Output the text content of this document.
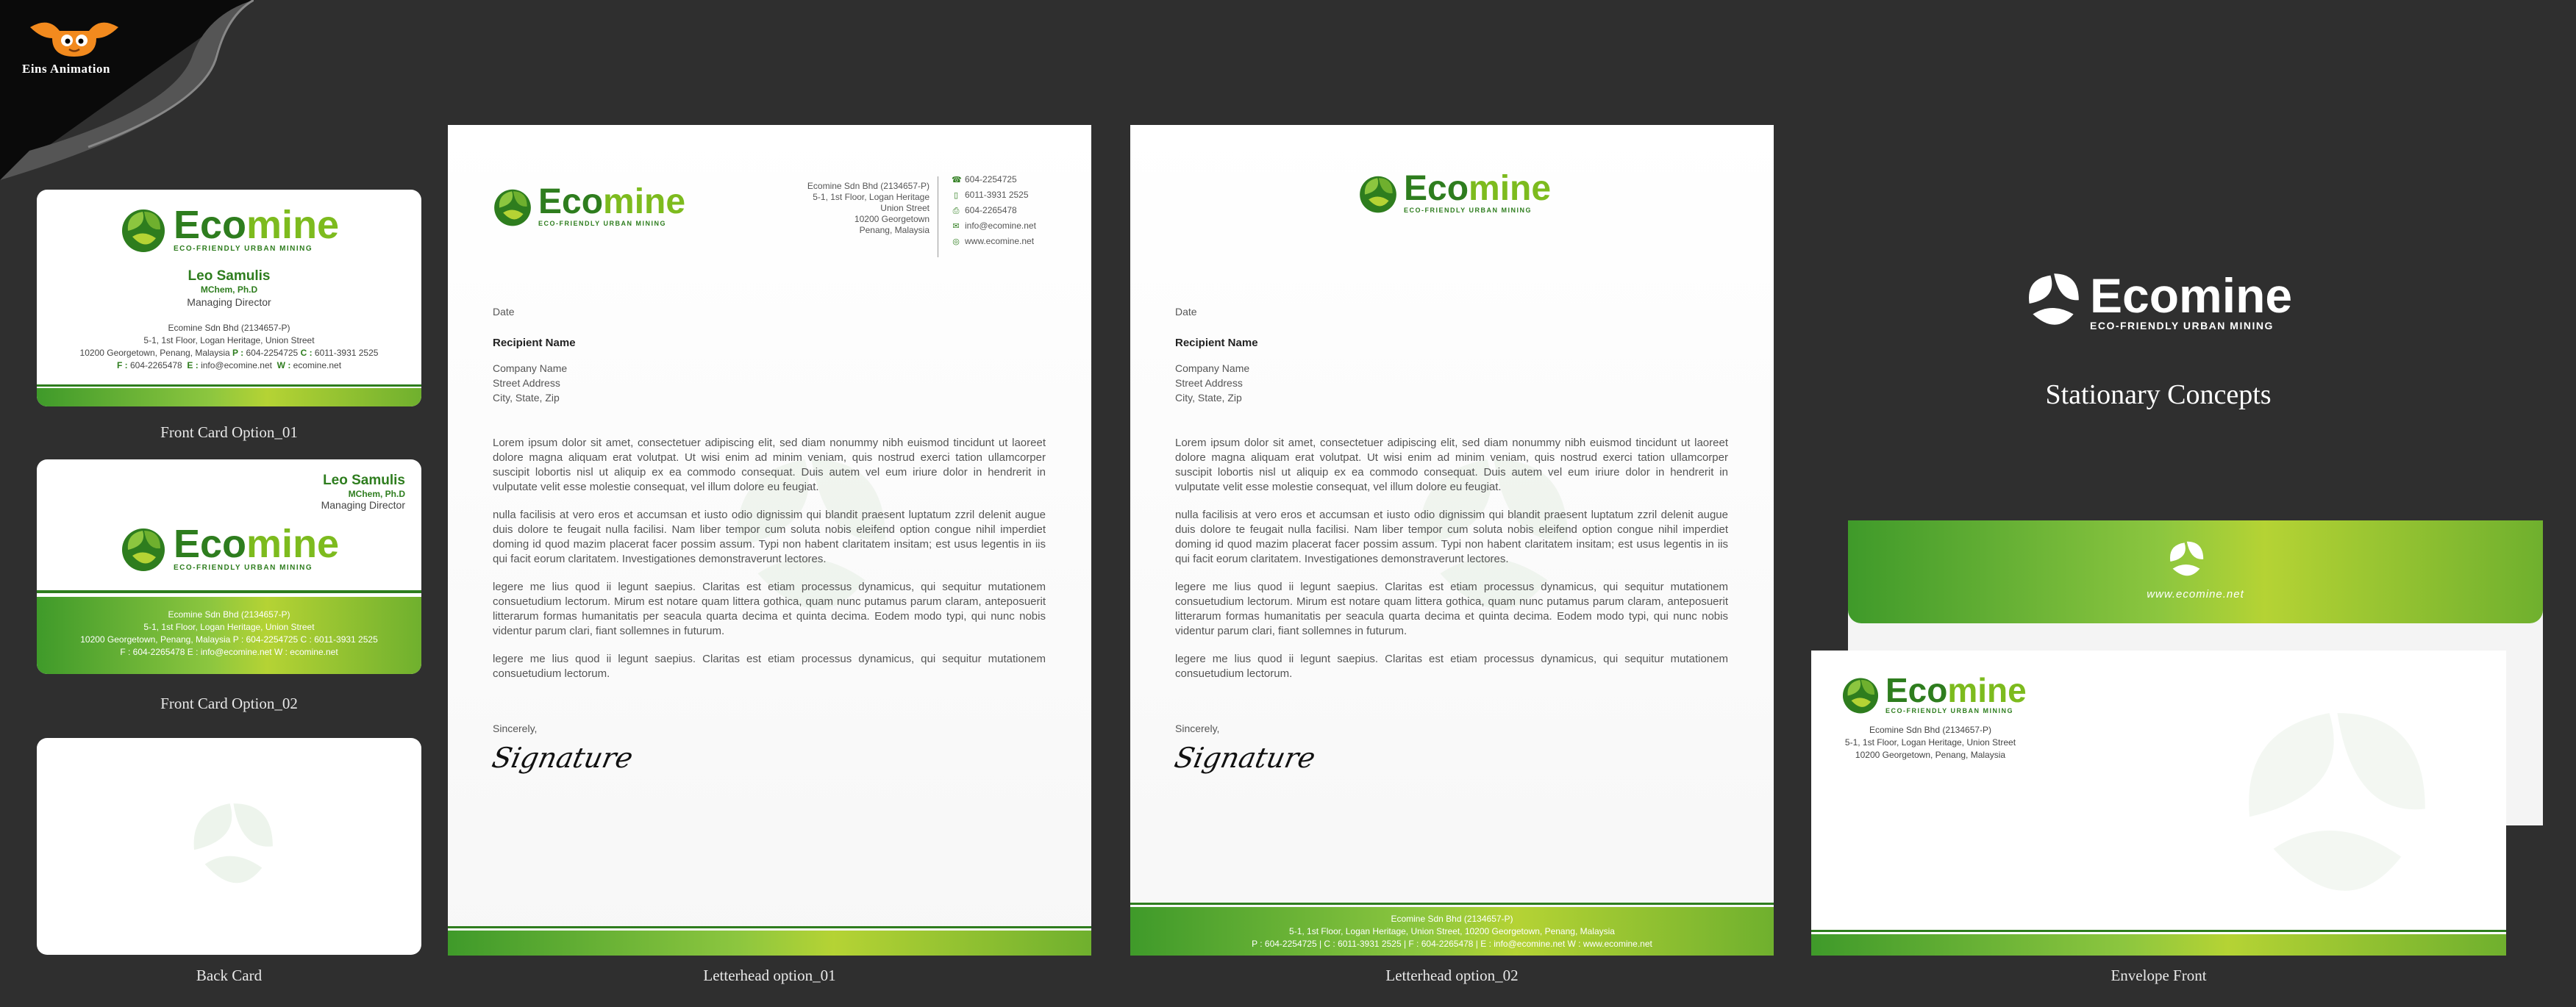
Eins Animation
Ecomine
ECO-FRIENDLY URBAN MINING
Leo Samulis
MChem, Ph.D
Managing Director
Ecomine Sdn Bhd (2134657-P)
5-1, 1st Floor, Logan Heritage, Union Street
10200 Georgetown, Penang, Malaysia P : 604-2254725 C : 6011-3931 2525
F : 604-2265478 E : info@ecomine.net W : ecomine.net
Front Card Option_01
Leo Samulis
MChem, Ph.D
Managing Director
Ecomine
ECO-FRIENDLY URBAN MINING
Ecomine Sdn Bhd (2134657-P)
5-1, 1st Floor, Logan Heritage, Union Street
10200 Georgetown, Penang, Malaysia P : 604-2254725 C : 6011-3931 2525
F : 604-2265478 E : info@ecomine.net W : ecomine.net
Front Card Option_02
Back Card
Ecomine
ECO-FRIENDLY URBAN MINING
Ecomine Sdn Bhd (2134657-P)
5-1, 1st Floor, Logan Heritage
Union Street
10200 Georgetown
Penang, Malaysia
☎ 604-2254725
▯ 6011-3931 2525
⎙ 604-2265478
✉ info@ecomine.net
◎ www.ecomine.net
Date
Recipient Name
Company Name
Street Address
City, State, Zip

Lorem ipsum dolor sit amet, consectetuer adipiscing elit, sed diam nonummy nibh euismod tincidunt ut laoreet dolore magna aliquam erat volutpat. Ut wisi enim ad minim veniam, quis nostrud exerci tation ullamcorper suscipit lobortis nisl ut aliquip ex ea commodo consequat. Duis autem vel eum iriure dolor in hendrerit in vulputate velit esse molestie consequat, vel illum dolore eu feugiat.

nulla facilisis at vero eros et accumsan et iusto odio dignissim qui blandit praesent luptatum zzril delenit augue duis dolore te feugait nulla facilisi. Nam liber tempor cum soluta nobis eleifend option congue nihil imperdiet doming id quod mazim placerat facer possim assum. Typi non habent claritatem insitam; est usus legentis in iis qui facit eorum claritatem. Investigationes demonstraverunt lectores.

legere me lius quod ii legunt saepius. Claritas est etiam processus dynamicus, qui sequitur mutationem consuetudium lectorum. Mirum est notare quam littera gothica, quam nunc putamus parum claram, anteposuerit litterarum formas humanitatis per seacula quarta decima et quinta decima. Eodem modo typi, qui nunc nobis videntur parum clari, fiant sollemnes in futurum.

legere me lius quod ii legunt saepius. Claritas est etiam processus dynamicus, qui sequitur mutationem consuetudium lectorum.

Sincerely,
Signature
Letterhead option_01
Ecomine
ECO-FRIENDLY URBAN MINING
Date
Recipient Name
Company Name
Street Address
City, State, Zip

Lorem ipsum dolor sit amet, consectetuer adipiscing elit, sed diam nonummy nibh euismod tincidunt ut laoreet dolore magna aliquam erat volutpat. Ut wisi enim ad minim veniam, quis nostrud exerci tation ullamcorper suscipit lobortis nisl ut aliquip ex ea commodo consequat. Duis autem vel eum iriure dolor in hendrerit in vulputate velit esse molestie consequat, vel illum dolore eu feugiat.

nulla facilisis at vero eros et accumsan et iusto odio dignissim qui blandit praesent luptatum zzril delenit augue duis dolore te feugait nulla facilisi. Nam liber tempor cum soluta nobis eleifend option congue nihil imperdiet doming id quod mazim placerat facer possim assum. Typi non habent claritatem insitam; est usus legentis in iis qui facit eorum claritatem. Investigationes demonstraverunt lectores.

legere me lius quod ii legunt saepius. Claritas est etiam processus dynamicus, qui sequitur mutationem consuetudium lectorum. Mirum est notare quam littera gothica, quam nunc putamus parum claram, anteposuerit litterarum formas humanitatis per seacula quarta decima et quinta decima. Eodem modo typi, qui nunc nobis videntur parum clari, fiant sollemnes in futurum.

legere me lius quod ii legunt saepius. Claritas est etiam processus dynamicus, qui sequitur mutationem consuetudium lectorum.

Sincerely,
Signature
Ecomine Sdn Bhd (2134657-P)
5-1, 1st Floor, Logan Heritage, Union Street, 10200 Georgetown, Penang, Malaysia
P : 604-2254725 | C : 6011-3931 2525 | F : 604-2265478 | E : info@ecomine.net W : www.ecomine.net
Letterhead option_02
Ecomine
ECO-FRIENDLY URBAN MINING
Stationary Concepts
www.ecomine.net
Ecomine
ECO-FRIENDLY URBAN MINING
Ecomine Sdn Bhd (2134657-P)
5-1, 1st Floor, Logan Heritage, Union Street
10200 Georgetown, Penang, Malaysia
Envelope Front
